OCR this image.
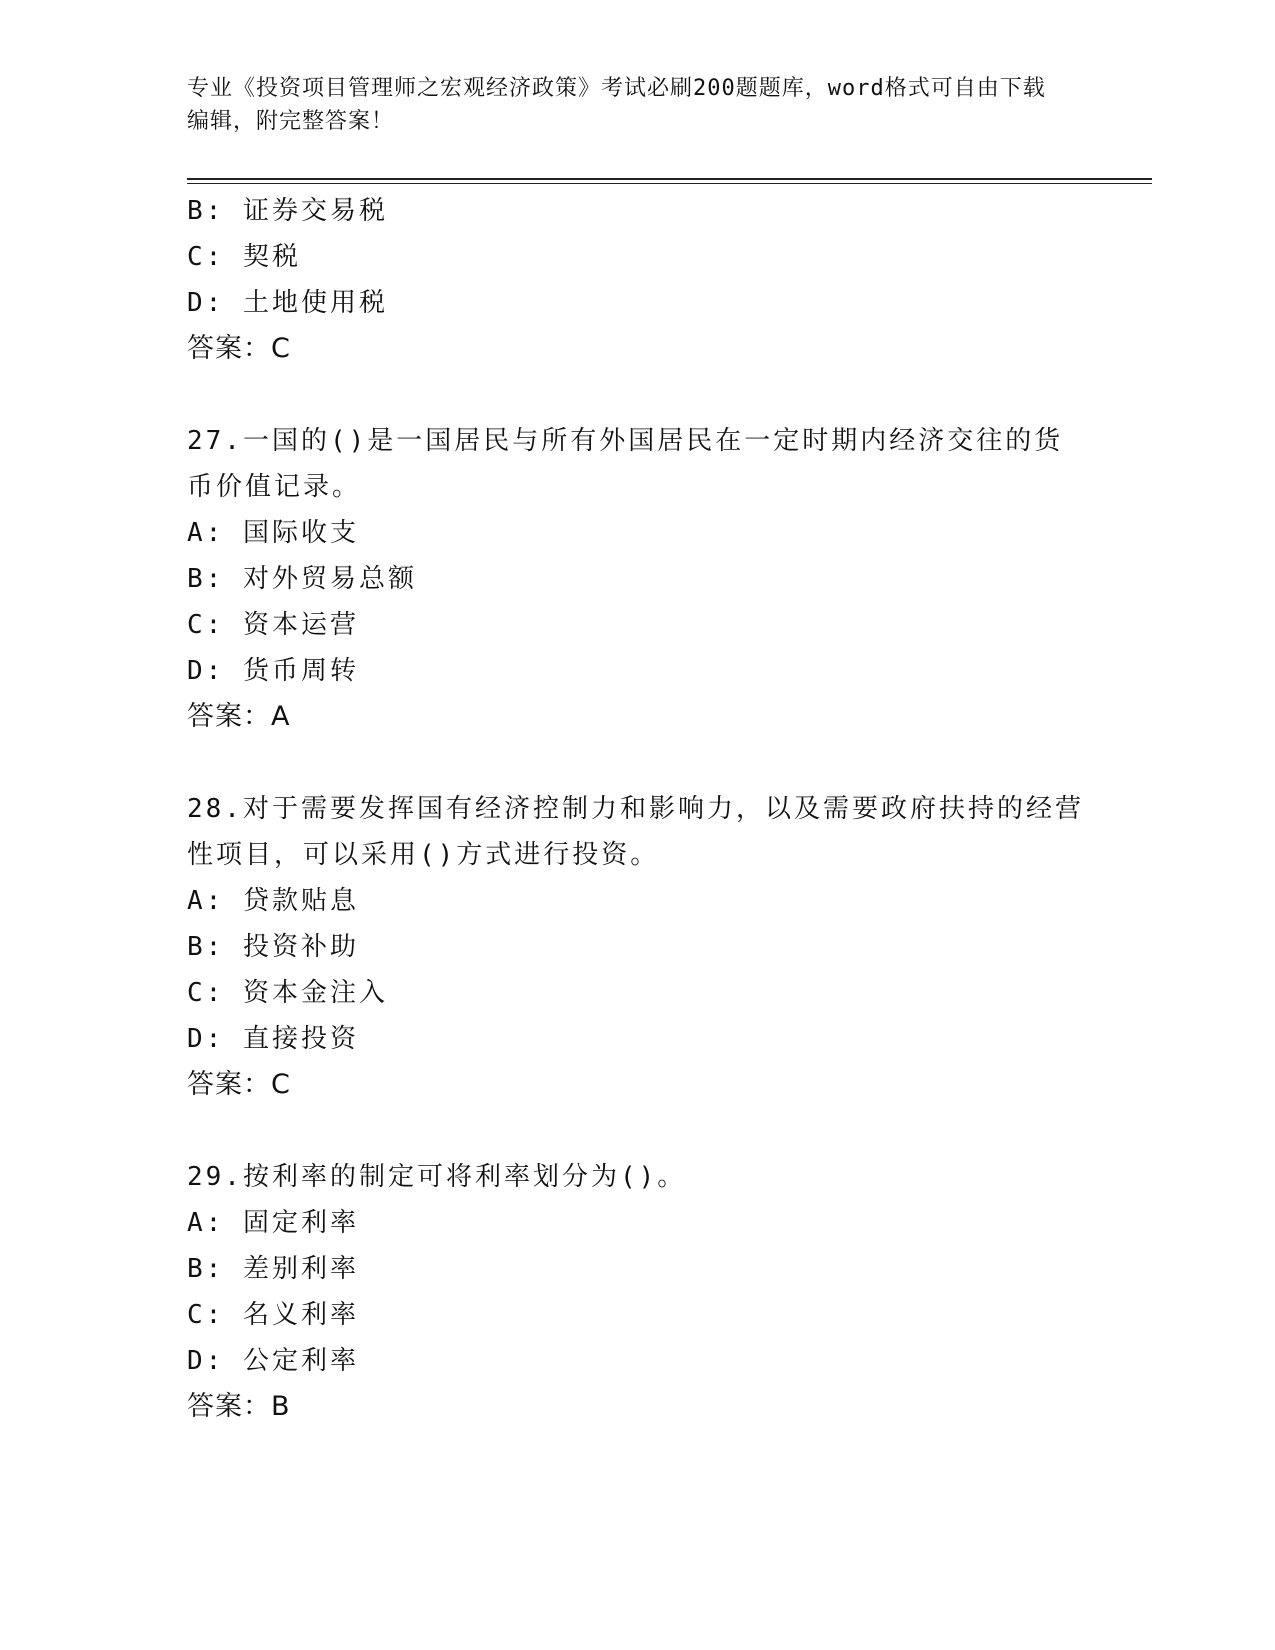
专业《投资项目管理师之宏观经济政策》考试必刷200题题库，word格式可自由下载编辑，附完整答案！
B: 证券交易税
C: 契税
D: 土地使用税
答案：C
27.一国的()是一国居民与所有外国居民在一定时期内经济交往的货币价值记录。
A: 国际收支
B: 对外贸易总额
C: 资本运营
D: 货币周转
答案：A
28.对于需要发挥国有经济控制力和影响力，以及需要政府扶持的经营性项目，可以采用()方式进行投资。
A: 贷款贴息
B: 投资补助
C: 资本金注入
D: 直接投资
答案：C
29.按利率的制定可将利率划分为()。
A: 固定利率
B: 差别利率
C: 名义利率
D: 公定利率
答案：B
